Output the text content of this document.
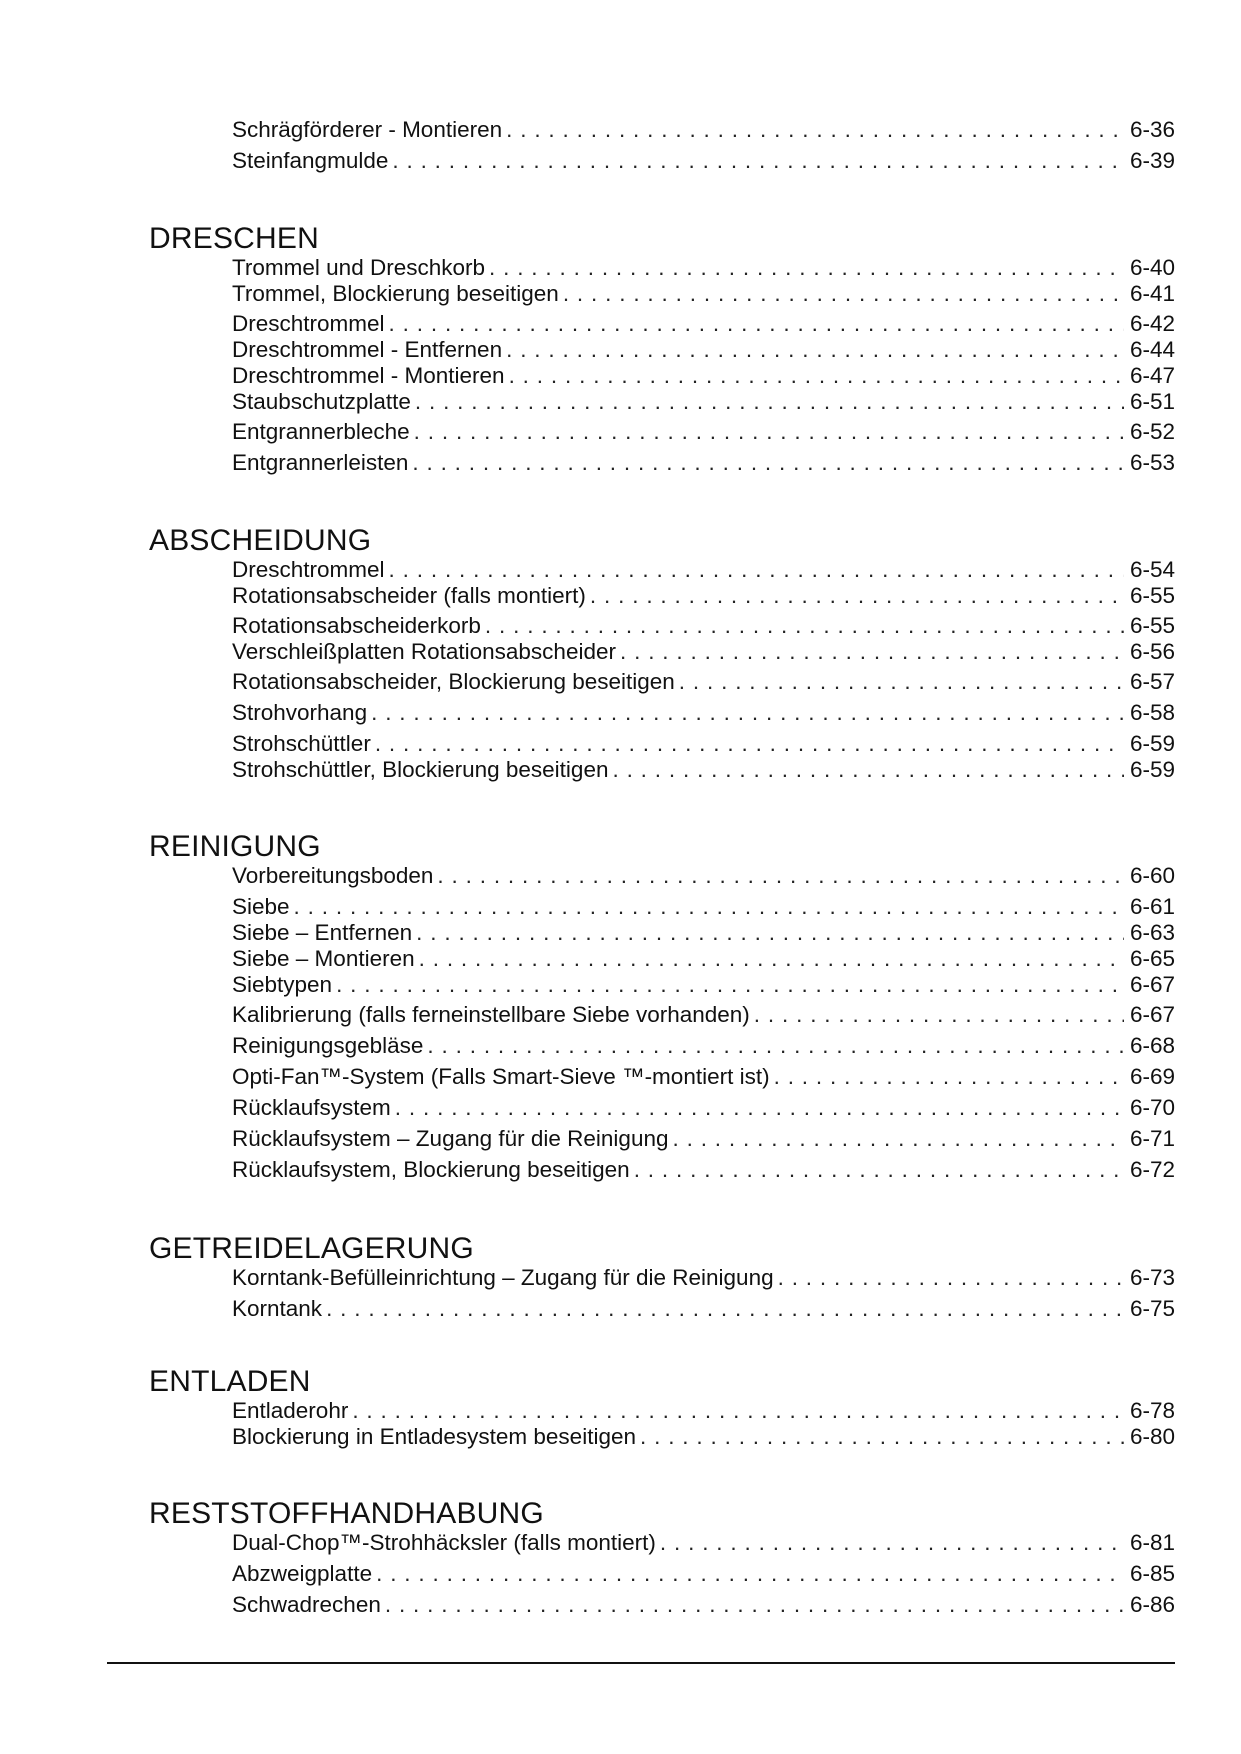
Schrägförderer - Montieren . . .	6-36
Steinfangmulde . . .	6-39
DRESCHEN
Trommel und Dreschkorb . . .	6-40
Trommel, Blockierung beseitigen . . .	6-41
Dreschtrommel . . .	6-42
Dreschtrommel - Entfernen . . .	6-44
Dreschtrommel - Montieren . . .	6-47
Staubschutzplatte . . .	6-51
Entgrannerbleche . . .	6-52
Entgrannerleisten . . .	6-53
ABSCHEIDUNG
Dreschtrommel . . .	6-54
Rotationsabscheider (falls montiert) . . .	6-55
Rotationsabscheiderkorb . . .	6-55
Verschleißplatten Rotationsabscheider . . .	6-56
Rotationsabscheider, Blockierung beseitigen . . .	6-57
Strohvorhang . . .	6-58
Strohschüttler . . .	6-59
Strohschüttler, Blockierung beseitigen . . .	6-59
REINIGUNG
Vorbereitungsboden . . .	6-60
Siebe . . .	6-61
Siebe – Entfernen . . .	6-63
Siebe – Montieren . . .	6-65
Siebtypen . . .	6-67
Kalibrierung (falls ferneinstellbare Siebe vorhanden) . . .	6-67
Reinigungsgebläse . . .	6-68
Opti-Fan™-System (Falls Smart-Sieve ™-montiert ist) . . .	6-69
Rücklaufsystem . . .	6-70
Rücklaufsystem – Zugang für die Reinigung . . .	6-71
Rücklaufsystem, Blockierung beseitigen . . .	6-72
GETREIDELAGERUNG
Korntank-Befülleinrichtung – Zugang für die Reinigung . . .	6-73
Korntank . . .	6-75
ENTLADEN
Entladerohr . . .	6-78
Blockierung in Entladesystem beseitigen . . .	6-80
RESTSTOFFHANDHABUNG
Dual-Chop™-Strohhäcksler (falls montiert) . . .	6-81
Abzweigplatte . . .	6-85
Schwadrechen . . .	6-86
